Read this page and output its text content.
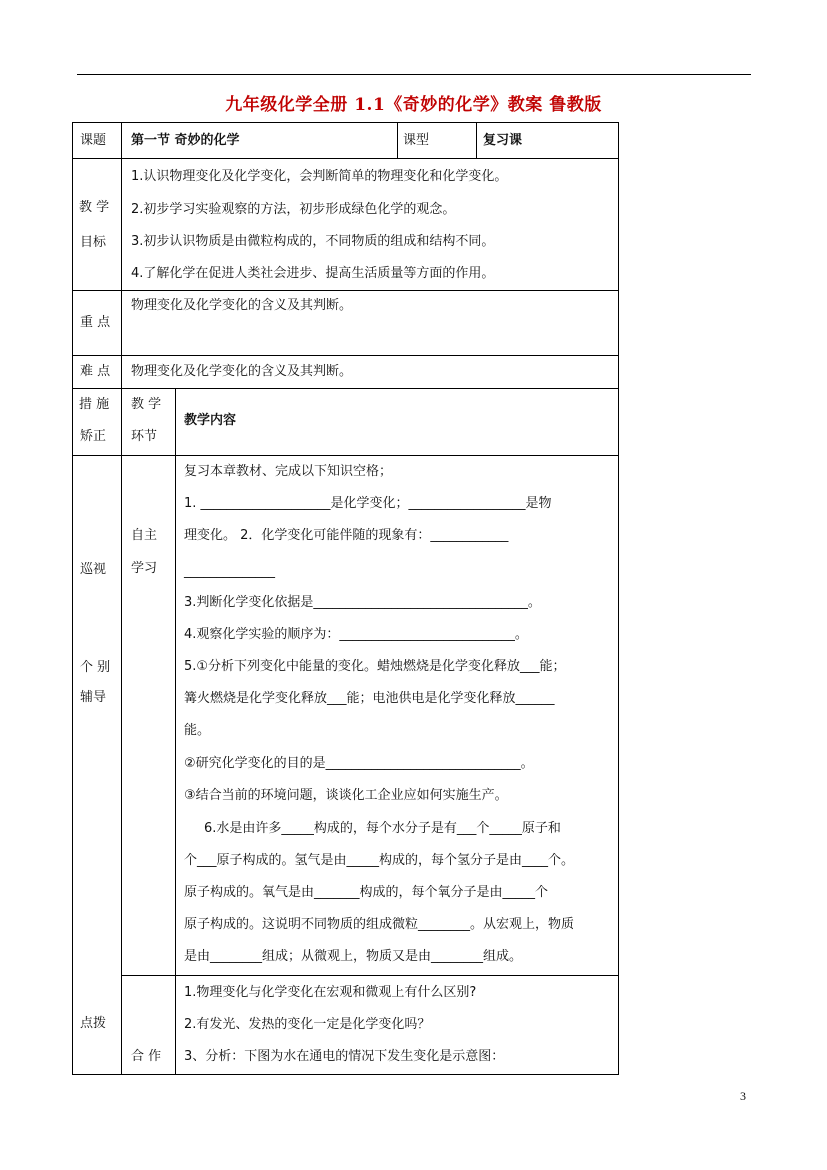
九年级化学全册 1.1《奇妙的化学》教案 鲁教版
课题 第一节 奇妙的化学	课型	复习课
教 学
目标
1.认识物理变化及化学变化，会判断简单的物理变化和化学变化。
2.初步学习实验观察的方法，初步形成绿色化学的观念。
3.初步认识物质是由微粒构成的，不同物质的组成和结构不同。
4.了解化学在促进人类社会进步、提高生活质量等方面的作用。
重 点
物理变化及化学变化的含义及其判断。
难 点 物理变化及化学变化的含义及其判断。
措 施
矫正
教 学
环节
教学内容
巡视
个 别
辅导
点拨
自主
学习
合 作
复习本章教材、完成以下知识空格；
1. ____________________是化学变化；__________________是物
理变化。 2．化学变化可能伴随的现象有：____________
______________
3.判断化学变化依据是_________________________________。
4.观察化学实验的顺序为：___________________________。
5.①分析下列变化中能量的变化。蜡烛燃烧是化学变化释放___能；
篝火燃烧是化学变化释放___能；电池供电是化学变化释放______
能。
②研究化学变化的目的是______________________________。
③结合当前的环境问题，谈谈化工企业应如何实施生产。
6.水是由许多_____构成的，每个水分子是有___个_____原子和
个___原子构成的。氢气是由_____构成的，每个氢分子是由____个。
原子构成的。氧气是由_______构成的，每个氧分子是由_____个
原子构成的。这说明不同物质的组成微粒________。从宏观上，物质
是由________组成；从微观上，物质又是由________组成。
1.物理变化与化学变化在宏观和微观上有什么区别?
2.有发光、发热的变化一定是化学变化吗？
3、分析：下图为水在通电的情况下发生变化是示意图：
3
